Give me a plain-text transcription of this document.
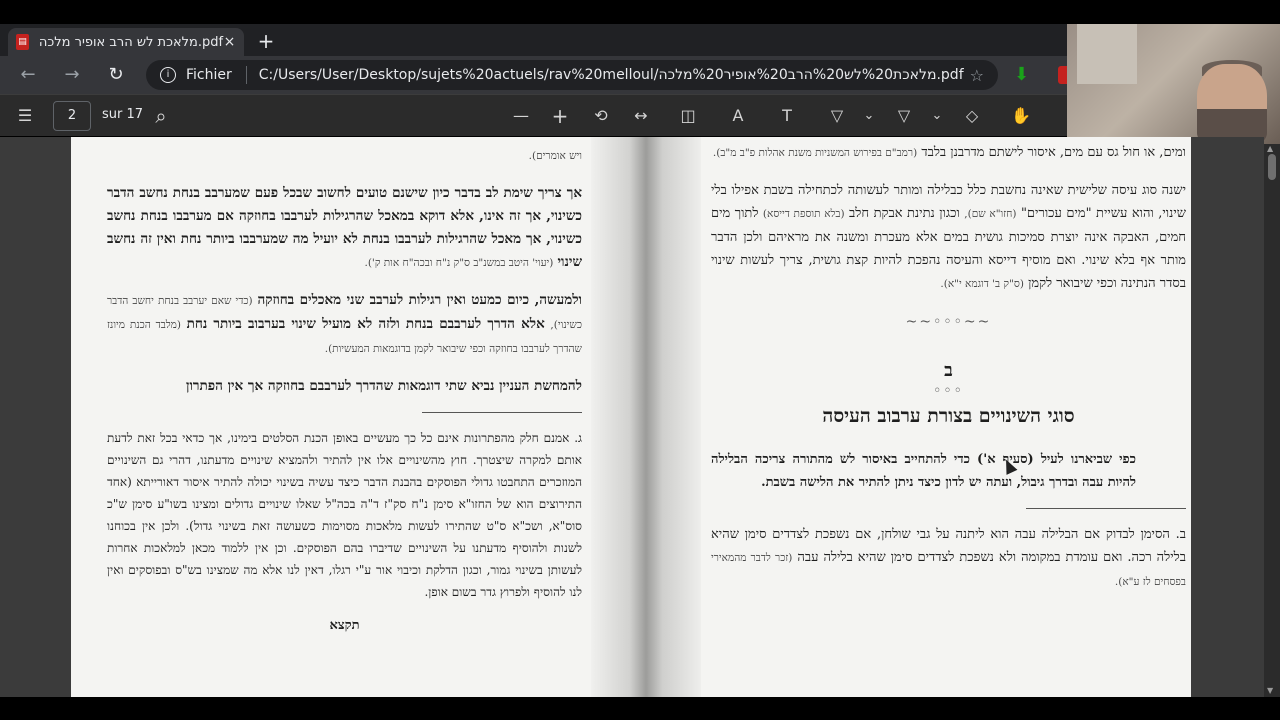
▤ מלאכת לש הרב אופיר מלכה.pdf × +
← → ↻	i	Fichier C:/Users/User/Desktop/sujets%20actuels/rav%20melloul/מלאכת%20לש%20הרב%20אופיר%20מלכה.pdf ☆ ⬇
☰	2	sur 17 ⌕	— + ⟲ ↔ ◫	A	T	▽	⌄	▽	⌄	◇	✋

ויש אומרים).

אך צריך שימת לב בדבר כיון שישנם טועים לחשוב שבכל פעם שמערבב בנחת נחשב הדבר כשינוי, אך זה אינו, אלא דוקא במאכל שהרגילות לערבבו בחוזקה אם מערבבו בנחת נחשב כשינוי, אך מאכל שהרגילות לערבבו בנחת לא יועיל מה שמערבבו ביותר נחת ואין זה נחשב שינוי (יעוי' היטב במשנ"ב ס"ק נ"ח ובכה"ח אות ק').

ולמעשה, כיום כמעט ואין רגילות לערבב שני מאכלים בחוזקה (כדי שאם יערבב בנחת יחשב הדבר כשינוי), אלא הדרך לערבבם בנחת ולזה לא מועיל שינוי בערבוב ביותר נחת (מלבד הכנת מיונז שהדרך לערבבו בחוזקה וכפי שיבואר לקמן בדוגמאות המעשיות).

להמחשת העניין נביא שתי דוגמאות שהדרך לערבבם בחוזקה אך אין הפתרון

ג. אמנם חלק מהפתרונות אינם כל כך מעשיים באופן הכנת הסלטים בימינו, אך כדאי בכל זאת לדעת אותם למקרה שיצטרך. חוץ מהשינויים אלו אין להתיר ולהמציא שינויים מדעתנו, דהרי גם השינויים המוזכרים התחבטו גדולי הפוסקים בהבנת הדבר כיצד עשיה בשינוי יכולה להתיר איסור דאורייתא (אחד התירוצים הוא של החזו"א סימן נ"ח סק"ז ד"ה בכה"ל שאלו שינויים גדולים ומצינו בשו"ע סימן ש"כ סוס"א, ושכ"א ס"ט שהתירו לעשות מלאכות מסוימות כשעושה זאת בשינוי גדול). ולכן אין בכוחנו לשנות ולהוסיף מדעתנו על השינויים שדיברו בהם הפוסקים. וכן אין ללמוד מכאן למלאכות אחרות לעשותן בשינוי גמור, וכגון הדלקת וכיבוי אור ע"י רגלו, דאין לנו אלא מה שמצינו בש"ס ובפוסקים ואין לנו להוסיף ולפרוץ גדר בשום אופן.

תקצא

ומים, או חול גס עם מים, איסור לישתם מדרבנן בלבד (רמב"ם בפירוש המשניות משנת אהלות פ"ב מ"ב).

ישנה סוג עיסה שלישית שאינה נחשבת כלל כבלילה ומותר לעשותה לכתחילה בשבת אפילו בלי שינוי, והוא עשיית "מים עכורים" (חזו"א שם), וכגון נתינת אבקת חלב (בלא תוספת דייסא) לתוך מים חמים, האבקה אינה יוצרת סמיכות גושית במים אלא מעכרת ומשנה את מראיהם ולכן הדבר מותר אף בלא שינוי. ואם מוסיף דייסא והעיסה נהפכת להיות קצת גושית, צריך לעשות שינוי בסדר הנתינה וכפי שיבואר לקמן (ס"ק ב' דוגמא י"א).

~~◦◦◦~~
ב
◦◦◦
סוגי השינויים בצורת ערבוב העיסה

כפי שביארנו לעיל (סעיף א') כדי להתחייב באיסור לש מהתורה צריכה הבלילה להיות עבה ובדרך גיבול, ועתה יש לדון כיצד ניתן להתיר את הלישה בשבת.

ב. הסימן לבדוק אם הבלילה עבה הוא ליתנה על גבי שולחן, אם נשפכת לצדדים סימן שהיא בלילה רכה. ואם עומדת במקומה ולא נשפכת לצדדים סימן שהיא בלילה עבה (זכר לדבר מהמאירי בפסחים לז ע"א).

▲
▼
